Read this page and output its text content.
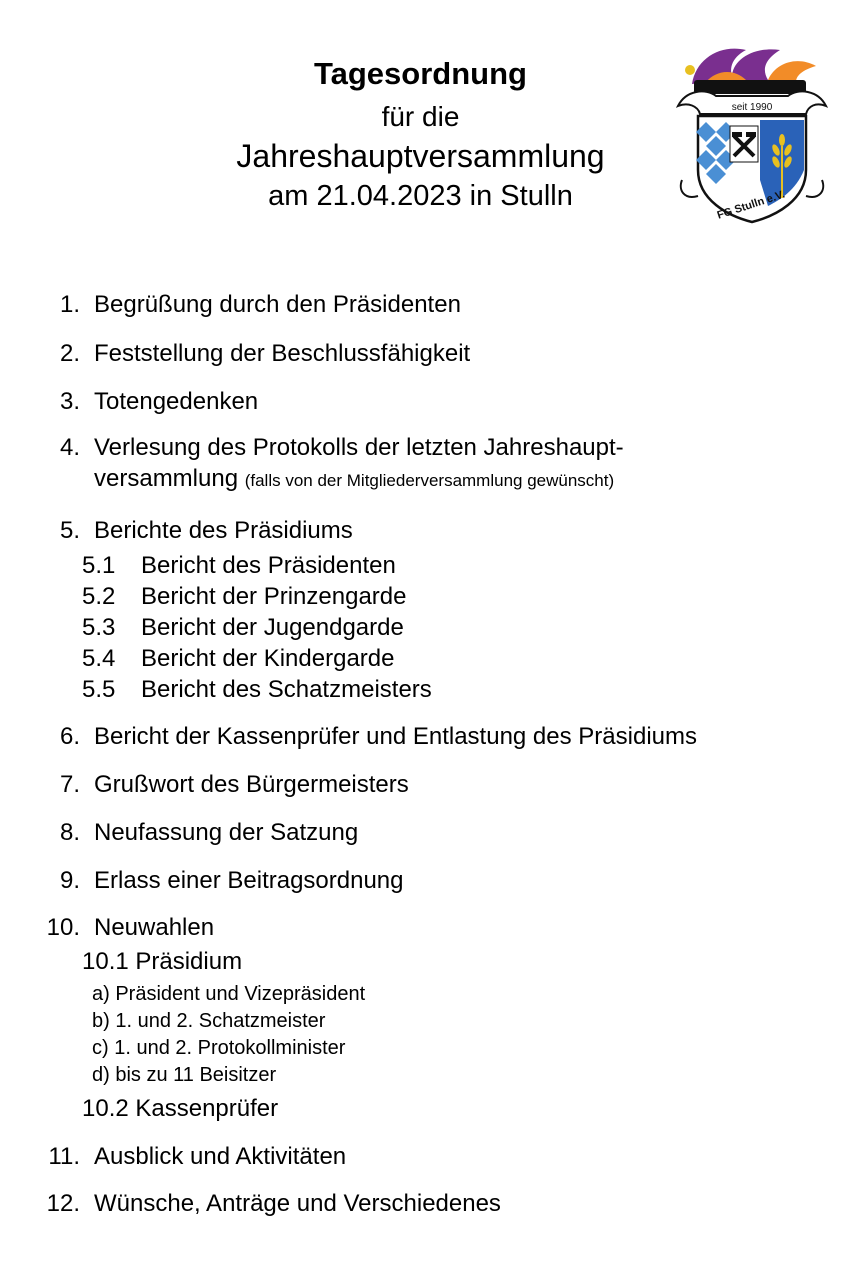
Tagesordnung
für die
Jahreshauptversammlung
am 21.04.2023 in Stulln
seit 1990
FG Stulln e.V.
1. Begrüßung durch den Präsidenten
2. Feststellung der Beschlussfähigkeit
3. Totengedenken
4. Verlesung des Protokolls der letzten Jahreshaupt-
versammlung (falls von der Mitgliederversammlung gewünscht)
5. Berichte des Präsidiums
5.1 Bericht des Präsidenten
5.2 Bericht der Prinzengarde
5.3 Bericht der Jugendgarde
5.4 Bericht der Kindergarde
5.5 Bericht des Schatzmeisters
6. Bericht der Kassenprüfer und Entlastung des Präsidiums
7. Grußwort des Bürgermeisters
8. Neufassung der Satzung
9. Erlass einer Beitragsordnung
10. Neuwahlen
10.1 Präsidium
a) Präsident und Vizepräsident
b) 1. und 2. Schatzmeister
c) 1. und 2. Protokollminister
d) bis zu 11 Beisitzer
10.2 Kassenprüfer
11. Ausblick und Aktivitäten
12. Wünsche, Anträge und Verschiedenes
